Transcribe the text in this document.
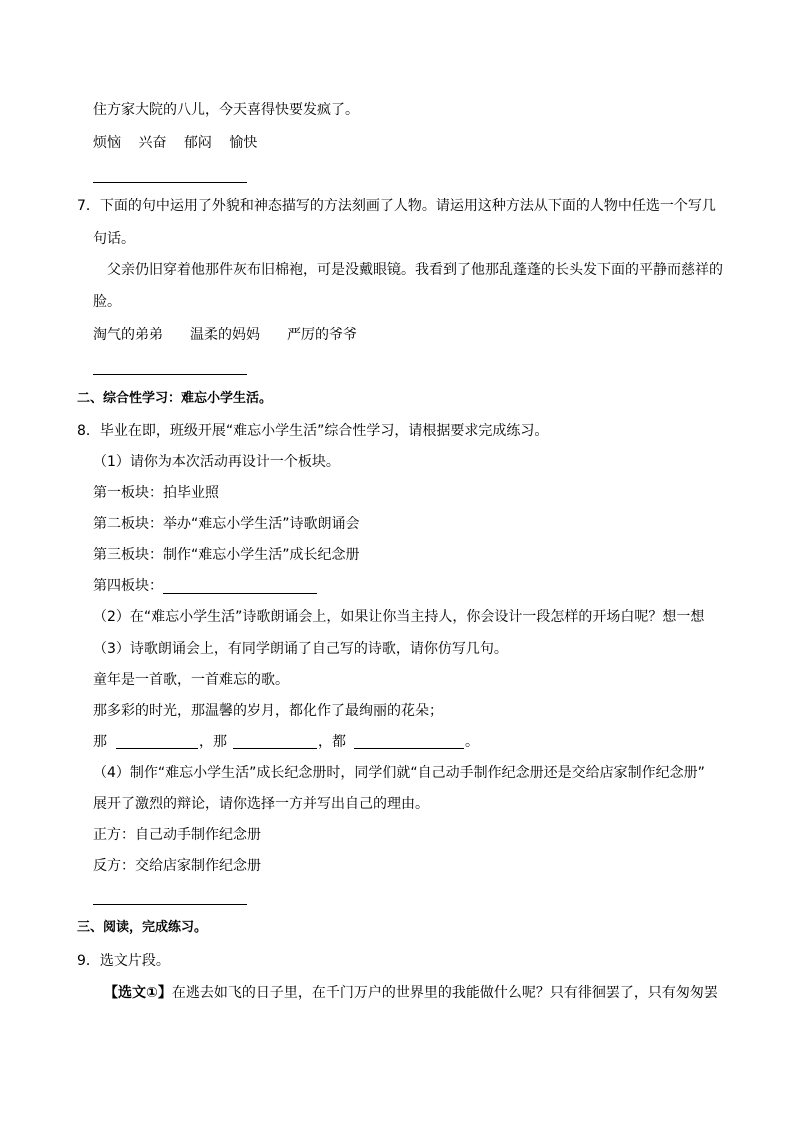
住方家大院的八儿，今天喜得快要发疯了。
烦恼 兴奋 郁闷 愉快
7．下面的句中运用了外貌和神态描写的方法刻画了人物。请运用这种方法从下面的人物中任选一个写几
句话。
父亲仍旧穿着他那件灰布旧棉袍，可是没戴眼镜。我看到了他那乱蓬蓬的长头发下面的平静而慈祥的
脸。
淘气的弟弟 温柔的妈妈 严厉的爷爷
二、综合性学习：难忘小学生活。
8．毕业在即，班级开展“难忘小学生活”综合性学习，请根据要求完成练习。
（1）请你为本次活动再设计一个板块。
第一板块：拍毕业照
第二板块：举办“难忘小学生活”诗歌朗诵会
第三板块：制作“难忘小学生活”成长纪念册
第四板块：
（2）在“难忘小学生活”诗歌朗诵会上，如果让你当主持人，你会设计一段怎样的开场白呢？想一想
（3）诗歌朗诵会上，有同学朗诵了自己写的诗歌，请你仿写几句。
童年是一首歌，一首难忘的歌。
那多彩的时光，那温馨的岁月，都化作了最绚丽的花朵；
那	，那	，都	。
（4）制作“难忘小学生活”成长纪念册时，同学们就“自己动手制作纪念册还是交给店家制作纪念册”
展开了激烈的辩论，请你选择一方并写出自己的理由。
正方：自己动手制作纪念册
反方：交给店家制作纪念册
三、阅读，完成练习。
9．选文片段。
【选文①】在逃去如飞的日子里，在千门万户的世界里的我能做什么呢？只有徘徊罢了，只有匆匆罢
